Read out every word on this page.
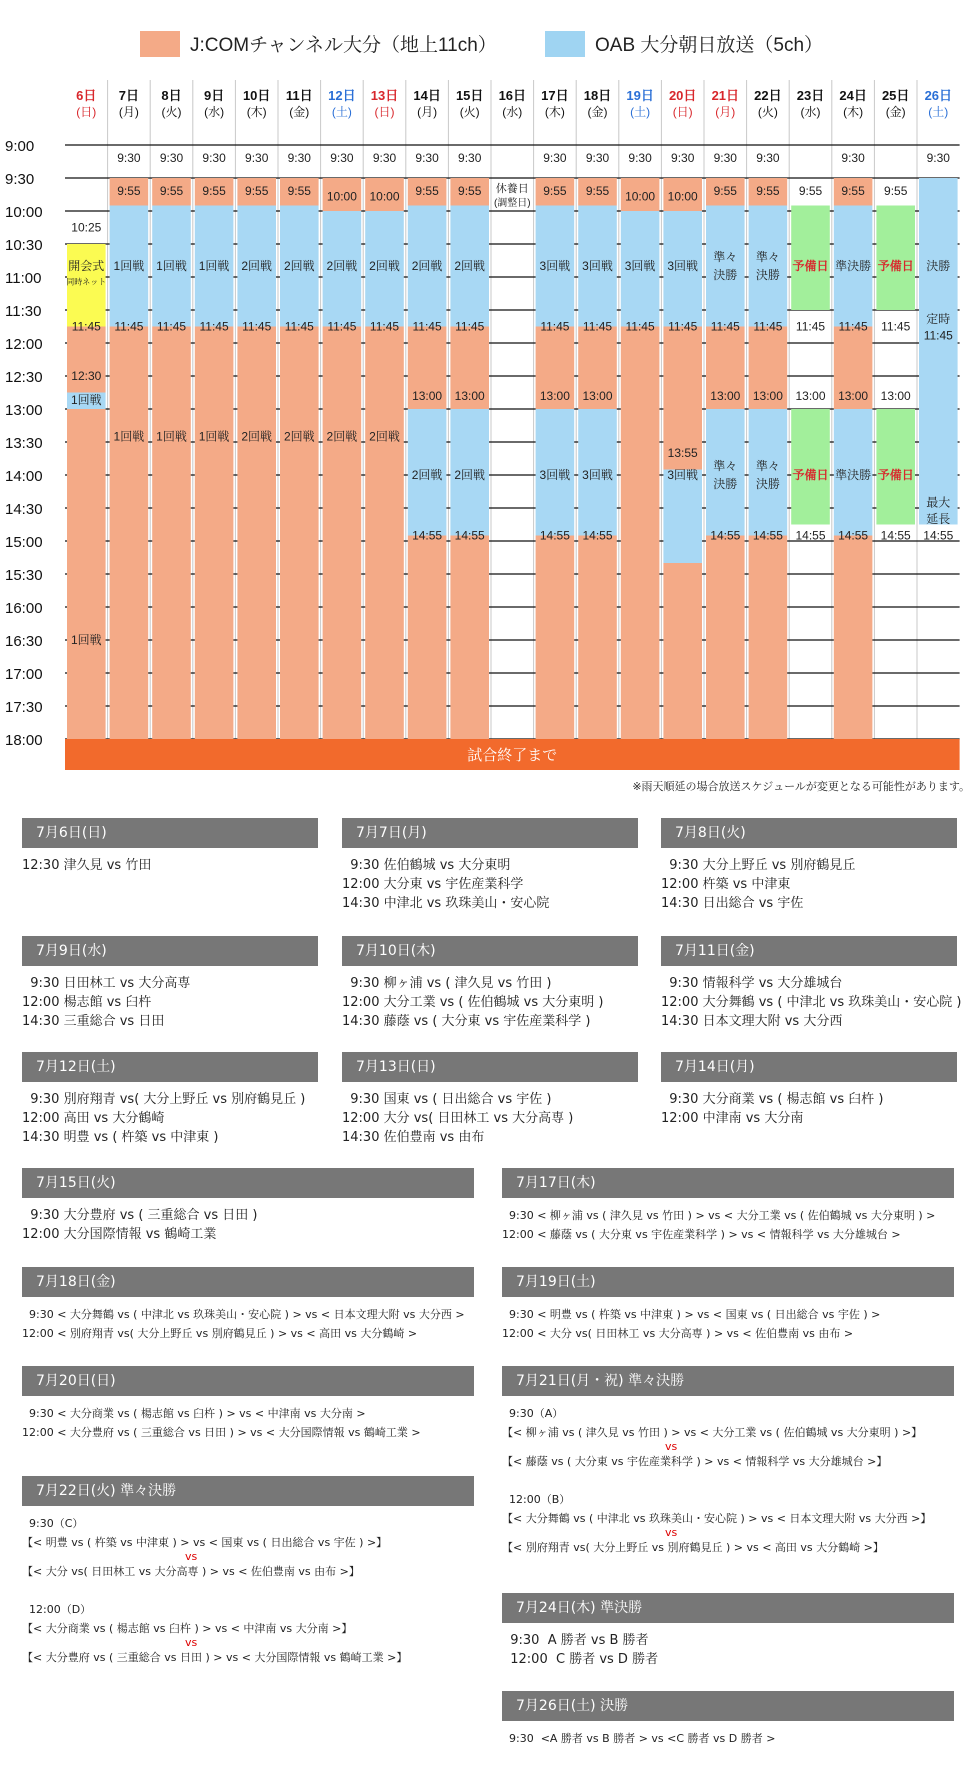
J:COMチャンネル大分（地上11ch）	OAB 大分朝日放送（5ch）
9:00
9:30
10:00
10:30
11:00
11:30
12:00
12:30
13:00
13:30
14:00
14:30
15:00
15:30
16:00
16:30
17:00
17:30
18:00
開会式
同時ネット
11:45
12:30
1回戦
1回戦
10:25
6日
(日)
9:55
1回戦
11:45
1回戦
9:30
7日
(月)
9:55
1回戦
11:45
1回戦
9:30
8日
(火)
9:55
1回戦
11:45
1回戦
9:30
9日
(水)
9:55
2回戦
11:45
2回戦
9:30
10日
(木)
9:55
2回戦
11:45
2回戦
9:30
11日
(金)
10:00
2回戦
11:45
2回戦
9:30
12日
(土)
10:00
2回戦
11:45
2回戦
9:30
13日
(日)
9:55
2回戦
11:45
13:00
2回戦
14:55
9:30
14日
(月)
9:55
2回戦
11:45
13:00
2回戦
14:55
9:30
15日
(火)
休養日
(調整日)
16日
(水)
9:55
3回戦
11:45
13:00
3回戦
14:55
9:30
17日
(木)
9:55
3回戦
11:45
13:00
3回戦
14:55
9:30
18日
(金)
10:00
3回戦
11:45
9:30
19日
(土)
10:00
3回戦
11:45
13:55
3回戦
9:30
20日
(日)
9:55
準々
決勝
11:45
13:00
準々
決勝
14:55
9:30
21日
(月)
9:55
準々
決勝
11:45
13:00
準々
決勝
14:55
9:30
22日
(火)
予備日
予備日
9:55
11:45
13:00
14:55
23日
(水)
9:55
準決勝
11:45
13:00
準決勝
14:55
9:30
24日
(木)
予備日
予備日
9:55
11:45
13:00
14:55
25日
(金)
決勝
定時
11:45
最大
延長
9:30
14:55
26日
(土)
試合終了まで
※雨天順延の場合放送スケジュールが変更となる可能性があります。
7月6日(日)
12:30 津久見 vs 竹田
7月7日(月)
9:30 佐伯鶴城 vs 大分東明
12:00 大分東 vs 宇佐産業科学
14:30 中津北 vs 玖珠美山・安心院
7月8日(火)
9:30 大分上野丘 vs 別府鶴見丘
12:00 杵築 vs 中津東
14:30 日出総合 vs 宇佐
7月9日(水)
9:30 日田林工 vs 大分高専
12:00 楊志館 vs 臼杵
14:30 三重総合 vs 日田
7月10日(木)
9:30 柳ヶ浦 vs ( 津久見 vs 竹田 )
12:00 大分工業 vs ( 佐伯鶴城 vs 大分東明 )
14:30 藤蔭 vs ( 大分東 vs 宇佐産業科学 )
7月11日(金)
9:30 情報科学 vs 大分雄城台
12:00 大分舞鶴 vs ( 中津北 vs 玖珠美山・安心院 )
14:30 日本文理大附 vs 大分西
7月12日(土)
9:30 別府翔青 vs( 大分上野丘 vs 別府鶴見丘 )
12:00 高田 vs 大分鶴崎
14:30 明豊 vs ( 杵築 vs 中津東 )
7月13日(日)
9:30 国東 vs ( 日出総合 vs 宇佐 )
12:00 大分 vs( 日田林工 vs 大分高専 )
14:30 佐伯豊南 vs 由布
7月14日(月)
9:30 大分商業 vs ( 楊志館 vs 臼杵 )
12:00 中津南 vs 大分南
7月15日(火)
9:30 大分豊府 vs ( 三重総合 vs 日田 )
12:00 大分国際情報 vs 鶴崎工業
7月17日(木)
9:30 < 柳ヶ浦 vs ( 津久見 vs 竹田 ) > vs < 大分工業 vs ( 佐伯鶴城 vs 大分東明 ) >
12:00 < 藤蔭 vs ( 大分東 vs 宇佐産業科学 ) > vs < 情報科学 vs 大分雄城台 >
7月18日(金)
9:30 < 大分舞鶴 vs ( 中津北 vs 玖珠美山・安心院 ) > vs < 日本文理大附 vs 大分西 >
12:00 < 別府翔青 vs( 大分上野丘 vs 別府鶴見丘 ) > vs < 高田 vs 大分鶴崎 >
7月19日(土)
9:30 < 明豊 vs ( 杵築 vs 中津東 ) > vs < 国東 vs ( 日出総合 vs 宇佐 ) >
12:00 < 大分 vs( 日田林工 vs 大分高専 ) > vs < 佐伯豊南 vs 由布 >
7月20日(日)
9:30 < 大分商業 vs ( 楊志館 vs 臼杵 ) > vs < 中津南 vs 大分南 >
12:00 < 大分豊府 vs ( 三重総合 vs 日田 ) > vs < 大分国際情報 vs 鶴崎工業 >
7月21日(月・祝) 準々決勝
9:30（A）
【< 柳ヶ浦 vs ( 津久見 vs 竹田 ) > vs < 大分工業 vs ( 佐伯鶴城 vs 大分東明 ) >】
vs
【< 藤蔭 vs ( 大分東 vs 宇佐産業科学 ) > vs < 情報科学 vs 大分雄城台 >】
12:00（B）
【< 大分舞鶴 vs ( 中津北 vs 玖珠美山・安心院 ) > vs < 日本文理大附 vs 大分西 >】
vs
【< 別府翔青 vs( 大分上野丘 vs 別府鶴見丘 ) > vs < 高田 vs 大分鶴崎 >】
7月22日(火) 準々決勝
9:30（C）
【< 明豊 vs ( 杵築 vs 中津東 ) > vs < 国東 vs ( 日出総合 vs 宇佐 ) >】
vs
【< 大分 vs( 日田林工 vs 大分高専 ) > vs < 佐伯豊南 vs 由布 >】
12:00（D）
【< 大分商業 vs ( 楊志館 vs 臼杵 ) > vs < 中津南 vs 大分南 >】
vs
【< 大分豊府 vs ( 三重総合 vs 日田 ) > vs < 大分国際情報 vs 鶴崎工業 >】
7月24日(木) 準決勝
9:30  A 勝者 vs B 勝者
12:00  C 勝者 vs D 勝者
7月26日(土) 決勝
9:30  <A 勝者 vs B 勝者 > vs <C 勝者 vs D 勝者 >
